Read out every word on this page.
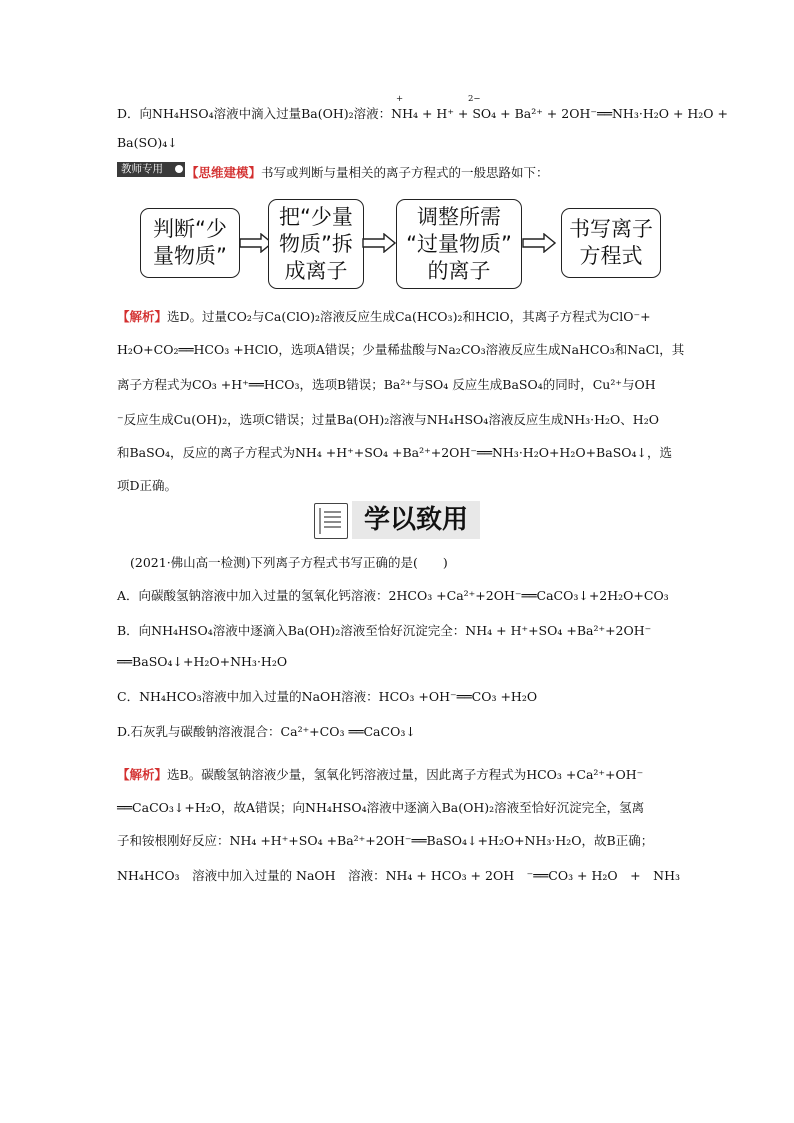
D．向NH₄HSO₄溶液中滴入过量Ba(OH)₂溶液：NH₄ + H⁺ + SO₄ + Ba²⁺ + 2OH⁻══NH₃·H₂O + H₂O +
+	2−
Ba(SO)₄↓
教师专用	【思维建模】书写或判断与量相关的离子方程式的一般思路如下：
判断“少
量物质”
把“少量
物质”拆
成离子
调整所需
“过量物质”
的离子
书写离子
方程式
【解析】选D。过量CO₂与Ca(ClO)₂溶液反应生成Ca(HCO₃)₂和HClO，其离子方程式为ClO⁻+
H₂O+CO₂══HCO₃ +HClO，选项A错误；少量稀盐酸与Na₂CO₃溶液反应生成NaHCO₃和NaCl，其
离子方程式为CO₃ +H⁺══HCO₃，选项B错误；Ba²⁺与SO₄ 反应生成BaSO₄的同时，Cu²⁺与OH
⁻反应生成Cu(OH)₂，选项C错误；过量Ba(OH)₂溶液与NH₄HSO₄溶液反应生成NH₃·H₂O、H₂O
和BaSO₄，反应的离子方程式为NH₄ +H⁺+SO₄ +Ba²⁺+2OH⁻══NH₃·H₂O+H₂O+BaSO₄↓，选
项D正确。
学以致用
(2021·佛山高一检测)下列离子方程式书写正确的是(　　)
A．向碳酸氢钠溶液中加入过量的氢氧化钙溶液：2HCO₃ +Ca²⁺+2OH⁻══CaCO₃↓+2H₂O+CO₃
B．向NH₄HSO₄溶液中逐滴入Ba(OH)₂溶液至恰好沉淀完全：NH₄ + H⁺+SO₄ +Ba²⁺+2OH⁻
══BaSO₄↓+H₂O+NH₃·H₂O
C．NH₄HCO₃溶液中加入过量的NaOH溶液：HCO₃ +OH⁻══CO₃ +H₂O
D.石灰乳与碳酸钠溶液混合：Ca²⁺+CO₃ ══CaCO₃↓
【解析】选B。碳酸氢钠溶液少量，氢氧化钙溶液过量，因此离子方程式为HCO₃ +Ca²⁺+OH⁻
══CaCO₃↓+H₂O，故A错误；向NH₄HSO₄溶液中逐滴入Ba(OH)₂溶液至恰好沉淀完全，氢离
子和铵根刚好反应：NH₄ +H⁺+SO₄ +Ba²⁺+2OH⁻══BaSO₄↓+H₂O+NH₃·H₂O，故B正确；
NH₄HCO₃　溶液中加入过量的 NaOH　溶液：NH₄ + HCO₃ + 2OH　⁻══CO₃ + H₂O　+　NH₃
